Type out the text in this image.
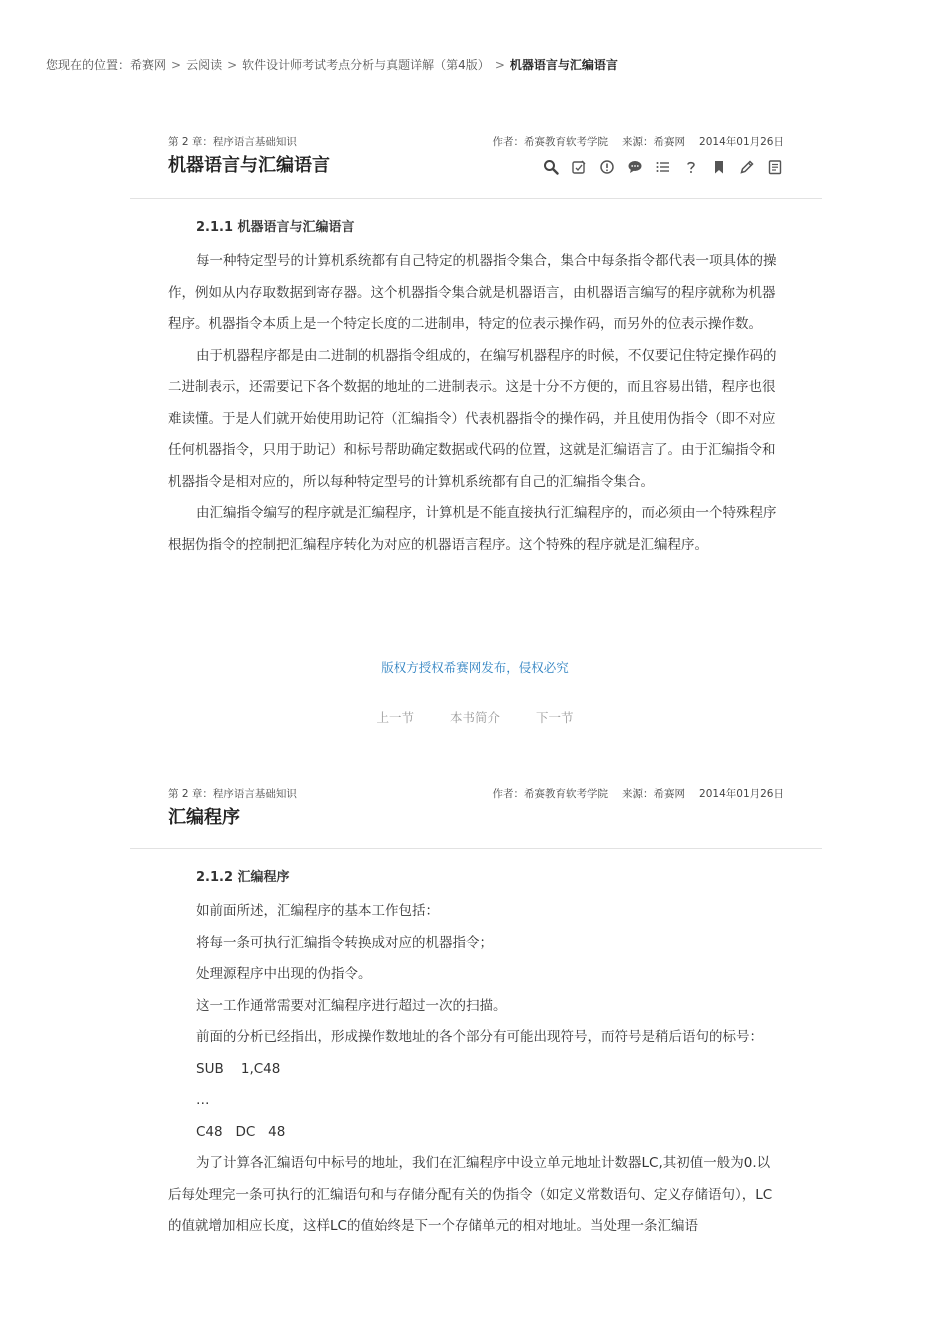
您现在的位置：希赛网 > 云阅读 > 软件设计师考试考点分析与真题详解（第4版） > 机器语言与汇编语言
第 2 章：程序语言基础知识	作者：希赛教育软考学院 来源：希赛网 2014年01月26日
机器语言与汇编语言
2.1.1 机器语言与汇编语言

每一种特定型号的计算机系统都有自己特定的机器指令集合，集合中每条指令都代表一项具体的操作，例如从内存取数据到寄存器。这个机器指令集合就是机器语言，由机器语言编写的程序就称为机器程序。机器指令本质上是一个特定长度的二进制串，特定的位表示操作码，而另外的位表示操作数。

由于机器程序都是由二进制的机器指令组成的，在编写机器程序的时候，不仅要记住特定操作码的二进制表示，还需要记下各个数据的地址的二进制表示。这是十分不方便的，而且容易出错，程序也很难读懂。于是人们就开始使用助记符（汇编指令）代表机器指令的操作码，并且使用伪指令（即不对应任何机器指令，只用于助记）和标号帮助确定数据或代码的位置，这就是汇编语言了。由于汇编指令和机器指令是相对应的，所以每种特定型号的计算机系统都有自己的汇编指令集合。

由汇编指令编写的程序就是汇编程序，计算机是不能直接执行汇编程序的，而必须由一个特殊程序根据伪指令的控制把汇编程序转化为对应的机器语言程序。这个特殊的程序就是汇编程序。

版权方授权希赛网发布，侵权必究
上一节	本书简介	下一节
第 2 章：程序语言基础知识	作者：希赛教育软考学院 来源：希赛网 2014年01月26日
汇编程序
2.1.2 汇编程序

如前面所述，汇编程序的基本工作包括：

将每一条可执行汇编指令转换成对应的机器指令；

处理源程序中出现的伪指令。

这一工作通常需要对汇编程序进行超过一次的扫描。

前面的分析已经指出，形成操作数地址的各个部分有可能出现符号，而符号是稍后语句的标号：

SUB    1,C48

…

C48   DC   48

为了计算各汇编语句中标号的地址，我们在汇编程序中设立单元地址计数器LC,其初值一般为0.以后每处理完一条可执行的汇编语句和与存储分配有关的伪指令（如定义常数语句、定义存储语句），LC的值就增加相应长度，这样LC的值始终是下一个存储单元的相对地址。当处理一条汇编语
